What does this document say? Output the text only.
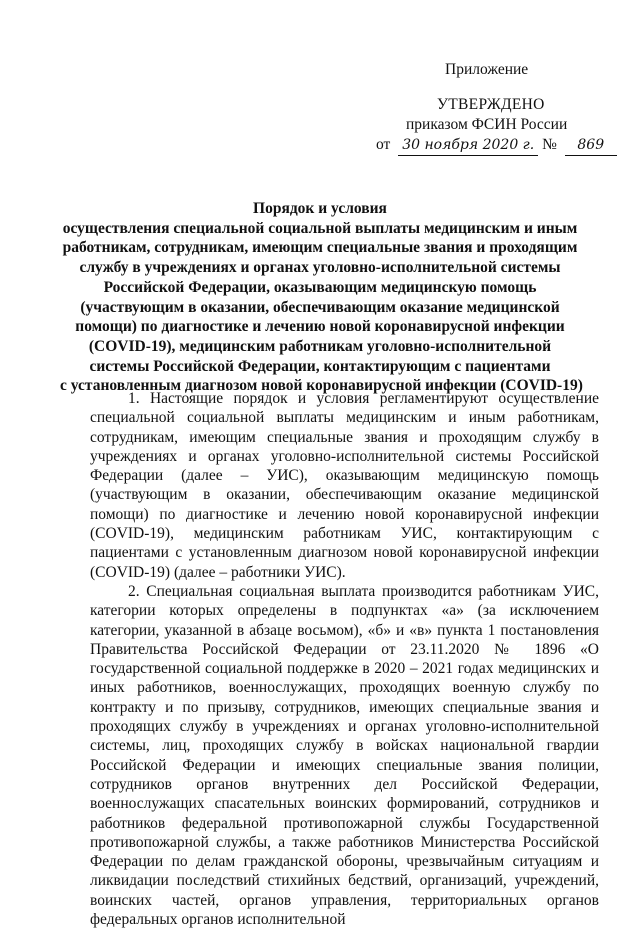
Приложение
УТВЕРЖДЕНО
приказом ФСИН России
от 30 ноября 2020 г. № 869
Порядок и условия
осуществления специальной социальной выплаты медицинским и иным
работникам, сотрудникам, имеющим специальные звания и проходящим
службу в учреждениях и органах уголовно-исполнительной системы
Российской Федерации, оказывающим медицинскую помощь
(участвующим в оказании, обеспечивающим оказание медицинской
помощи) по диагностике и лечению новой коронавирусной инфекции
(COVID-19), медицинским работникам уголовно-исполнительной
системы Российской Федерации, контактирующим с пациентами
с установленным диагнозом новой коронавирусной инфекции (COVID-19)

1. Настоящие порядок и условия регламентируют осуществление специальной социальной выплаты медицинским и иным работникам, сотрудникам, имеющим специальные звания и проходящим службу в учреждениях и органах уголовно-исполнительной системы Российской Федерации (далее – УИС), оказывающим медицинскую помощь (участвующим в оказании, обеспечивающим оказание медицинской помощи) по диагностике и лечению новой коронавирусной инфекции (COVID-19), медицинским работникам УИС, контактирующим с пациентами с установленным диагнозом новой коронавирусной инфекции (COVID-19) (далее – работники УИС).

2. Специальная социальная выплата производится работникам УИС, категории которых определены в подпунктах «а» (за исключением категории, указанной в абзаце восьмом), «б» и «в» пункта 1 постановления Правительства Российской Федерации от 23.11.2020 № 1896 «О государственной социальной поддержке в 2020 – 2021 годах медицинских и иных работников, военнослужащих, проходящих военную службу по контракту и по призыву, сотрудников, имеющих специальные звания и проходящих службу в учреждениях и органах уголовно-исполнительной системы, лиц, проходящих службу в войсках национальной гвардии Российской Федерации и имеющих специальные звания полиции, сотрудников органов внутренних дел Российской Федерации, военнослужащих спасательных воинских формирований, сотрудников и работников федеральной противопожарной службы Государственной противопожарной службы, а также работников Министерства Российской Федерации по делам гражданской обороны, чрезвычайным ситуациям и ликвидации последствий стихийных бедствий, организаций, учреждений, воинских частей, органов управления, территориальных органов федеральных органов исполнительной
